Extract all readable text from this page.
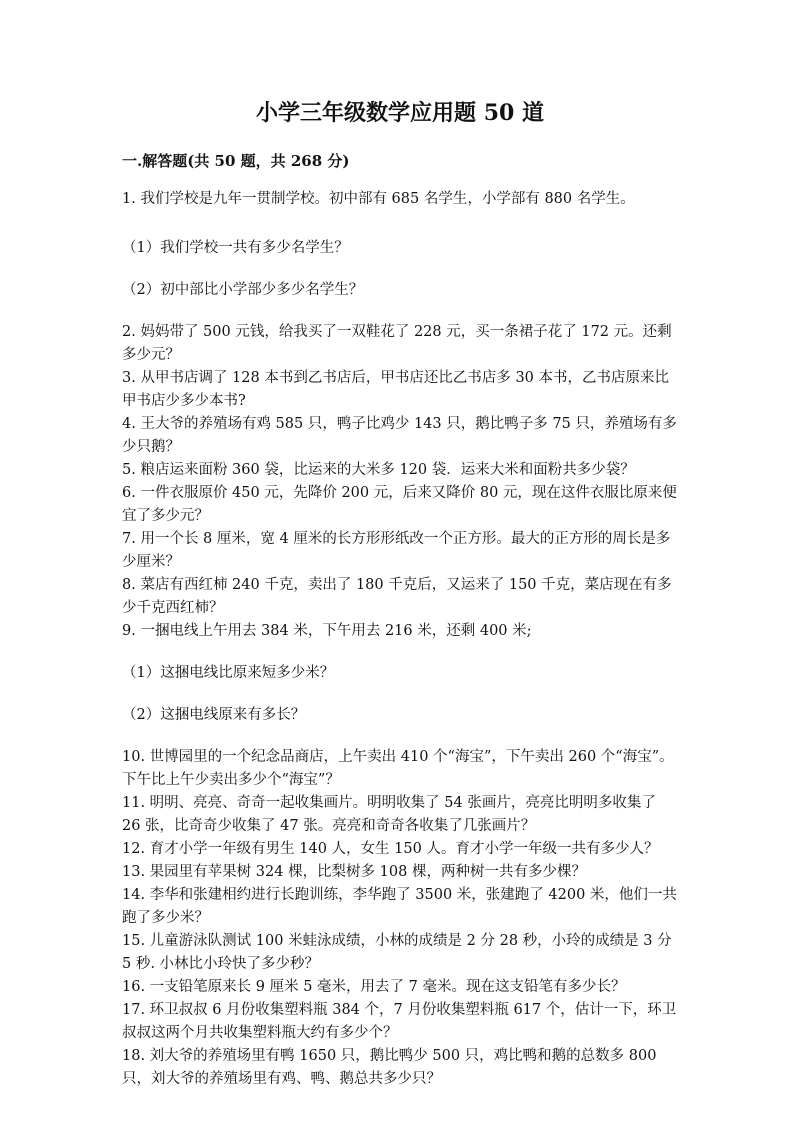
小学三年级数学应用题 50 道
一.解答题(共 50 题，共 268 分)

1. 我们学校是九年一贯制学校。初中部有 685 名学生，小学部有 880 名学生。

（1）我们学校一共有多少名学生？

（2）初中部比小学部少多少名学生？

2. 妈妈带了 500 元钱，给我买了一双鞋花了 228 元，买一条裙子花了 172 元。还剩多少元？

3. 从甲书店调了 128 本书到乙书店后，甲书店还比乙书店多 30 本书，乙书店原来比甲书店少多少本书?

4. 王大爷的养殖场有鸡 585 只，鸭子比鸡少 143 只，鹅比鸭子多 75 只，养殖场有多少只鹅？

5. 粮店运来面粉 360 袋，比运来的大米多 120 袋．运来大米和面粉共多少袋？

6. 一件衣服原价 450 元，先降价 200 元，后来又降价 80 元，现在这件衣服比原来便宜了多少元？

7. 用一个长 8 厘米，宽 4 厘米的长方形形纸改一个正方形。最大的正方形的周长是多少厘米？

8. 菜店有西红柿 240 千克，卖出了 180 千克后，又运来了 150 千克，菜店现在有多少千克西红柿？

9. 一捆电线上午用去 384 米，下午用去 216 米，还剩 400 米;

（1）这捆电线比原来短多少米？

（2）这捆电线原来有多长？

10. 世博园里的一个纪念品商店，上午卖出 410 个“海宝”，下午卖出 260 个“海宝”。下午比上午少卖出多少个“海宝”？

11. 明明、亮亮、奇奇一起收集画片。明明收集了 54 张画片，亮亮比明明多收集了 26 张，比奇奇少收集了 47 张。亮亮和奇奇各收集了几张画片？

12. 育才小学一年级有男生 140 人，女生 150 人。育才小学一年级一共有多少人？

13. 果园里有苹果树 324 棵，比梨树多 108 棵，两种树一共有多少棵？

14. 李华和张建相约进行长跑训练，李华跑了 3500 米，张建跑了 4200 米，他们一共跑了多少米？

15. 儿童游泳队测试 100 米蛙泳成绩，小林的成绩是 2 分 28 秒，小玲的成绩是 3 分 5 秒. 小林比小玲快了多少秒？

16. 一支铅笔原来长 9 厘米 5 毫米，用去了 7 毫米。现在这支铅笔有多少长？

17. 环卫叔叔 6 月份收集塑料瓶 384 个，7 月份收集塑料瓶 617 个，估计一下，环卫叔叔这两个月共收集塑料瓶大约有多少个？

18. 刘大爷的养殖场里有鸭 1650 只，鹅比鸭少 500 只，鸡比鸭和鹅的总数多 800 只，刘大爷的养殖场里有鸡、鸭、鹅总共多少只？
